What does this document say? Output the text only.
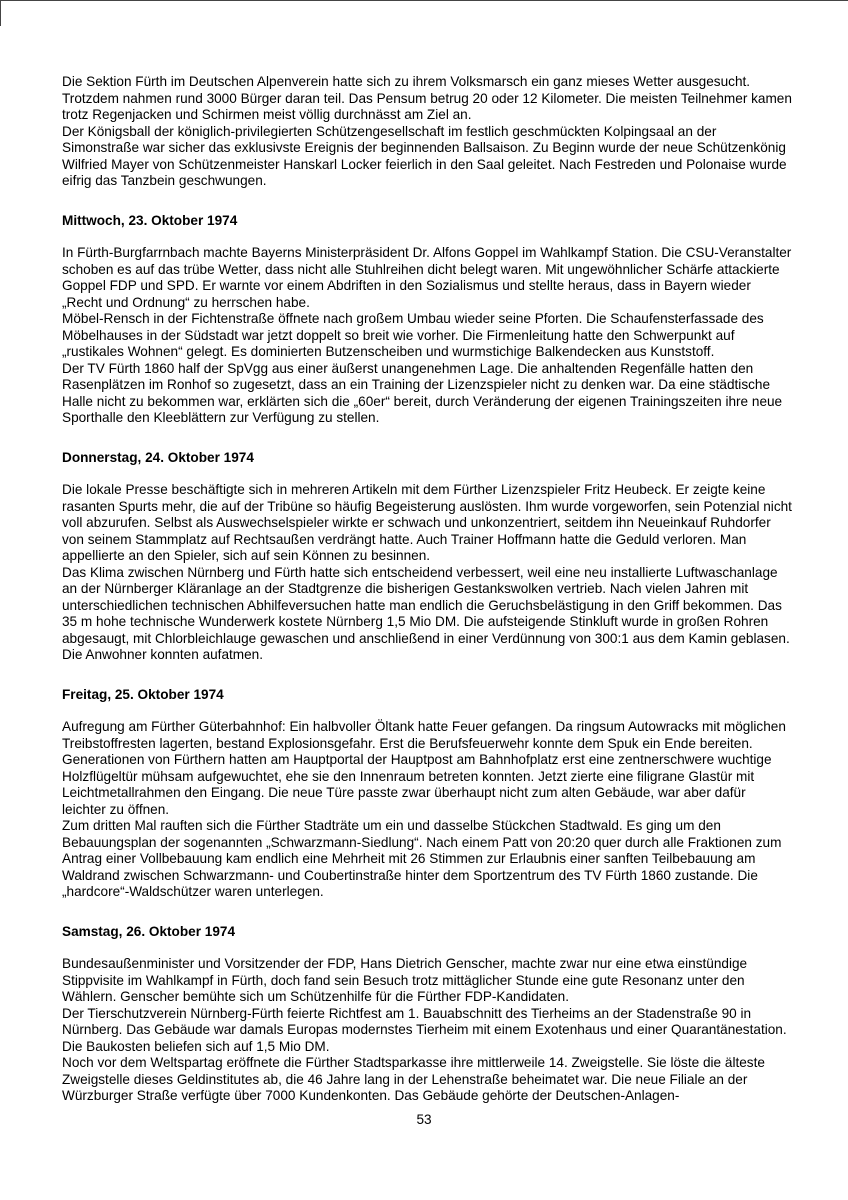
Die Sektion Fürth im Deutschen Alpenverein hatte sich zu ihrem Volksmarsch ein ganz mieses Wetter ausgesucht. Trotzdem nahmen rund 3000 Bürger daran teil. Das Pensum betrug 20 oder 12 Kilometer. Die meisten Teilnehmer kamen trotz Regenjacken und Schirmen meist völlig durchnässt am Ziel an.

Der Königsball der königlich-privilegierten Schützengesellschaft im festlich geschmückten Kolpingsaal an der Simonstraße war sicher das exklusivste Ereignis der beginnenden Ballsaison. Zu Beginn wurde der neue Schützenkönig Wilfried Mayer von Schützenmeister Hanskarl Locker feierlich in den Saal geleitet. Nach Festreden und Polonaise wurde eifrig das Tanzbein geschwungen.

Mittwoch, 23. Oktober 1974

In Fürth-Burgfarrnbach machte Bayerns Ministerpräsident Dr. Alfons Goppel im Wahlkampf Station. Die CSU-Veranstalter schoben es auf das trübe Wetter, dass nicht alle Stuhlreihen dicht belegt waren. Mit ungewöhnlicher Schärfe attackierte Goppel FDP und SPD. Er warnte vor einem Abdriften in den Sozialismus und stellte heraus, dass in Bayern wieder „Recht und Ordnung“ zu herrschen habe.

Möbel-Rensch in der Fichtenstraße öffnete nach großem Umbau wieder seine Pforten. Die Schaufensterfassade des Möbelhauses in der Südstadt war jetzt doppelt so breit wie vorher. Die Firmenleitung hatte den Schwerpunkt auf „rustikales Wohnen“ gelegt. Es dominierten Butzenscheiben und wurmstichige Balkendecken aus Kunststoff.

Der TV Fürth 1860 half der SpVgg aus einer äußerst unangenehmen Lage. Die anhaltenden Regenfälle hatten den Rasenplätzen im Ronhof so zugesetzt, dass an ein Training der Lizenzspieler nicht zu denken war. Da eine städtische Halle nicht zu bekommen war, erklärten sich die „60er“ bereit, durch Veränderung der eigenen Trainingszeiten ihre neue Sporthalle den Kleeblättern zur Verfügung zu stellen.

Donnerstag, 24. Oktober 1974

Die lokale Presse beschäftigte sich in mehreren Artikeln mit dem Fürther Lizenzspieler Fritz Heubeck. Er zeigte keine rasanten Spurts mehr, die auf der Tribüne so häufig Begeisterung auslösten. Ihm wurde vorgeworfen, sein Potenzial nicht voll abzurufen. Selbst als Auswechselspieler wirkte er schwach und unkonzentriert, seitdem ihn Neueinkauf Ruhdorfer von seinem Stammplatz auf Rechtsaußen verdrängt hatte. Auch Trainer Hoffmann hatte die Geduld verloren. Man appellierte an den Spieler, sich auf sein Können zu besinnen.

Das Klima zwischen Nürnberg und Fürth hatte sich entscheidend verbessert, weil eine neu installierte Luftwaschanlage an der Nürnberger Kläranlage an der Stadtgrenze die bisherigen Gestankswolken vertrieb. Nach vielen Jahren mit unterschiedlichen technischen Abhilfeversuchen hatte man endlich die Geruchsbelästigung in den Griff bekommen. Das 35 m hohe technische Wunderwerk kostete Nürnberg 1,5 Mio DM. Die aufsteigende Stinkluft wurde in großen Rohren abgesaugt, mit Chlorbleichlauge gewaschen und anschließend in einer Verdünnung von 300:1 aus dem Kamin geblasen. Die Anwohner konnten aufatmen.

Freitag, 25. Oktober 1974

Aufregung am Fürther Güterbahnhof: Ein halbvoller Öltank hatte Feuer gefangen. Da ringsum Autowracks mit möglichen Treibstoffresten lagerten, bestand Explosionsgefahr. Erst die Berufsfeuerwehr konnte dem Spuk ein Ende bereiten.

Generationen von Fürthern hatten am Hauptportal der Hauptpost am Bahnhofplatz erst eine zentnerschwere wuchtige Holzflügeltür mühsam aufgewuchtet, ehe sie den Innenraum betreten konnten. Jetzt zierte eine filigrane Glastür mit Leichtmetallrahmen den Eingang. Die neue Türe passte zwar überhaupt nicht zum alten Gebäude, war aber dafür leichter zu öffnen.

Zum dritten Mal rauften sich die Fürther Stadträte um ein und dasselbe Stückchen Stadtwald. Es ging um den Bebauungsplan der sogenannten „Schwarzmann-Siedlung“. Nach einem Patt von 20:20 quer durch alle Fraktionen zum Antrag einer Vollbebauung kam endlich eine Mehrheit mit 26 Stimmen zur Erlaubnis einer sanften Teilbebauung am Waldrand zwischen Schwarzmann- und Coubertinstraße hinter dem Sportzentrum des TV Fürth 1860 zustande. Die „hardcore“-Waldschützer waren unterlegen.

Samstag, 26. Oktober 1974

Bundesaußenminister und Vorsitzender der FDP, Hans Dietrich Genscher, machte zwar nur eine etwa einstündige Stippvisite im Wahlkampf in Fürth, doch fand sein Besuch trotz mittäglicher Stunde eine gute Resonanz unter den Wählern. Genscher bemühte sich um Schützenhilfe für die Fürther FDP-Kandidaten.

Der Tierschutzverein Nürnberg-Fürth feierte Richtfest am 1. Bauabschnitt des Tierheims an der Stadenstraße 90 in Nürnberg. Das Gebäude war damals Europas modernstes Tierheim mit einem Exotenhaus und einer Quarantänestation. Die Baukosten beliefen sich auf 1,5 Mio DM.

Noch vor dem Weltspartag eröffnete die Fürther Stadtsparkasse ihre mittlerweile 14. Zweigstelle. Sie löste die älteste Zweigstelle dieses Geldinstitutes ab, die 46 Jahre lang in der Lehenstraße beheimatet war. Die neue Filiale an der Würzburger Straße verfügte über 7000 Kundenkonten. Das Gebäude gehörte der Deutschen-Anlagen-

53
